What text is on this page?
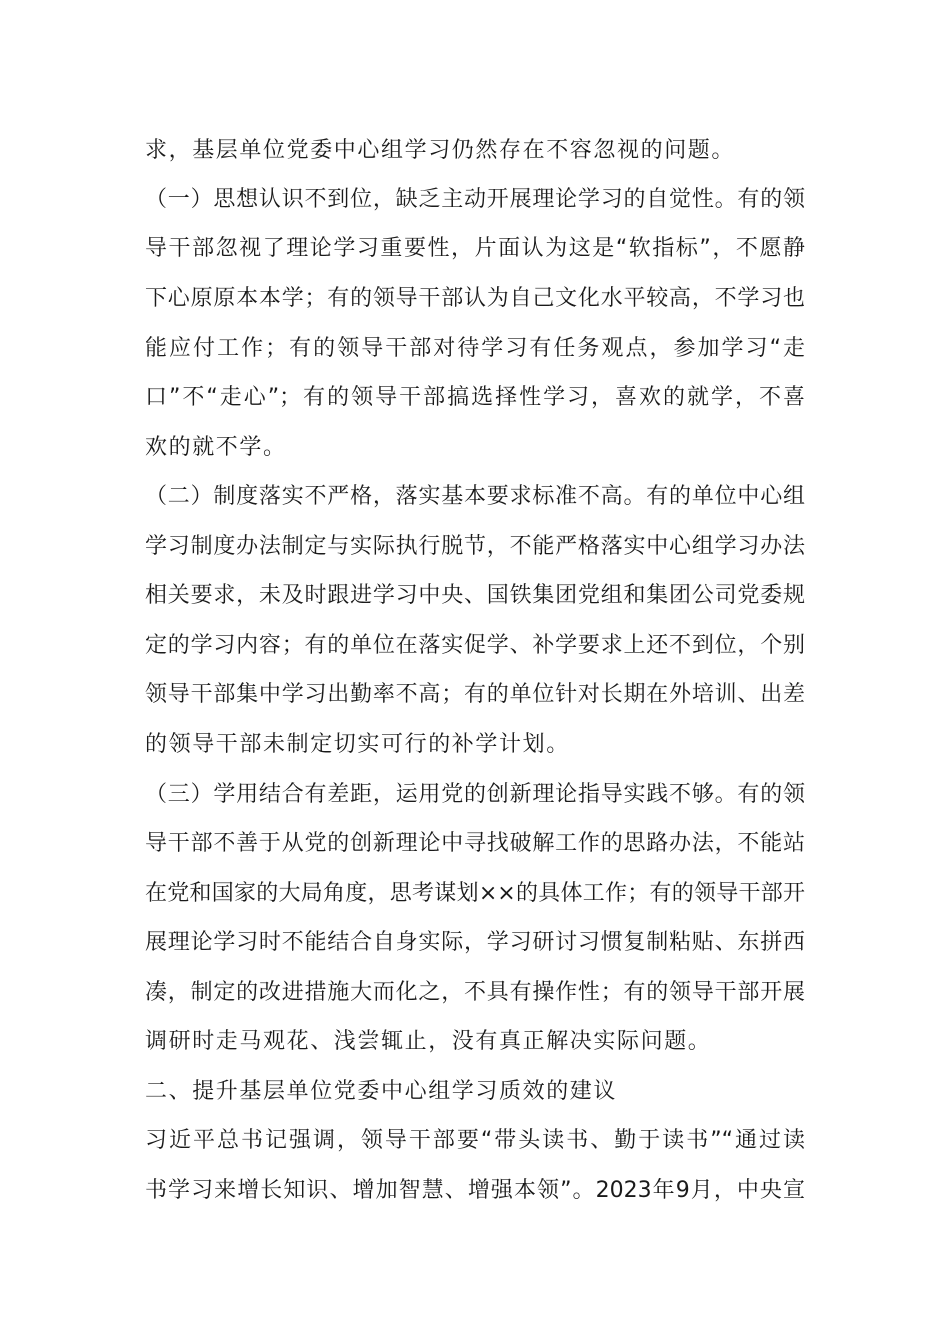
求，基层单位党委中心组学习仍然存在不容忽视的问题。
（一）思想认识不到位，缺乏主动开展理论学习的自觉性。有的领
导干部忽视了理论学习重要性，片面认为这是“软指标”，不愿静
下心原原本本学；有的领导干部认为自己文化水平较高，不学习也
能应付工作；有的领导干部对待学习有任务观点，参加学习“走
口”不“走心”；有的领导干部搞选择性学习，喜欢的就学，不喜
欢的就不学。
（二）制度落实不严格，落实基本要求标准不高。有的单位中心组
学习制度办法制定与实际执行脱节，不能严格落实中心组学习办法
相关要求，未及时跟进学习中央、国铁集团党组和集团公司党委规
定的学习内容；有的单位在落实促学、补学要求上还不到位，个别
领导干部集中学习出勤率不高；有的单位针对长期在外培训、出差
的领导干部未制定切实可行的补学计划。
（三）学用结合有差距，运用党的创新理论指导实践不够。有的领
导干部不善于从党的创新理论中寻找破解工作的思路办法，不能站
在党和国家的大局角度，思考谋划××的具体工作；有的领导干部开
展理论学习时不能结合自身实际，学习研讨习惯复制粘贴、东拼西
凑，制定的改进措施大而化之，不具有操作性；有的领导干部开展
调研时走马观花、浅尝辄止，没有真正解决实际问题。
二、提升基层单位党委中心组学习质效的建议
习近平总书记强调，领导干部要“带头读书、勤于读书”“通过读
书学习来增长知识、增加智慧、增强本领”。2023年9月，中央宣
